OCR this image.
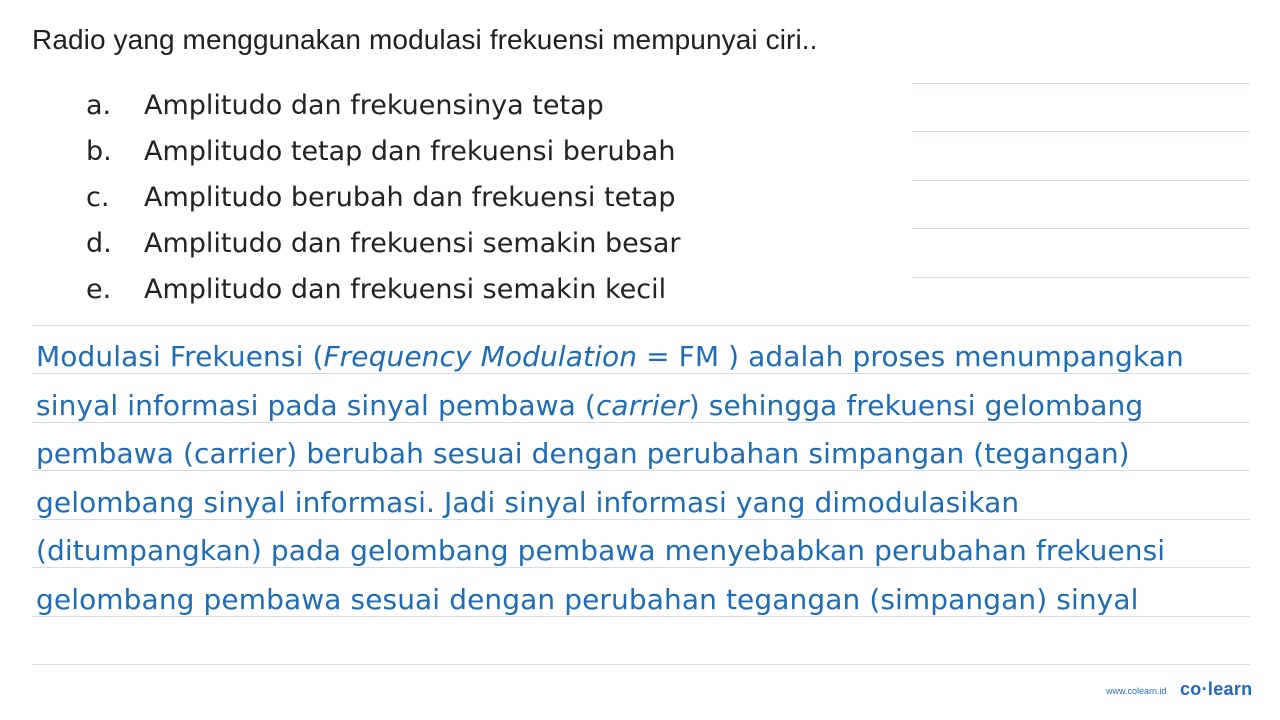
Radio yang menggunakan modulasi frekuensi mempunyai ciri..
a. Amplitudo dan frekuensinya tetap
b. Amplitudo tetap dan frekuensi berubah
c. Amplitudo berubah dan frekuensi tetap
d. Amplitudo dan frekuensi semakin besar
e. Amplitudo dan frekuensi semakin kecil
Modulasi Frekuensi (Frequency Modulation = FM ) adalah proses menumpangkan
sinyal informasi pada sinyal pembawa (carrier) sehingga frekuensi gelombang
pembawa (carrier) berubah sesuai dengan perubahan simpangan (tegangan)
gelombang sinyal informasi. Jadi sinyal informasi yang dimodulasikan
(ditumpangkan) pada gelombang pembawa menyebabkan perubahan frekuensi
gelombang pembawa sesuai dengan perubahan tegangan (simpangan) sinyal
www.colearn.id co·learn
